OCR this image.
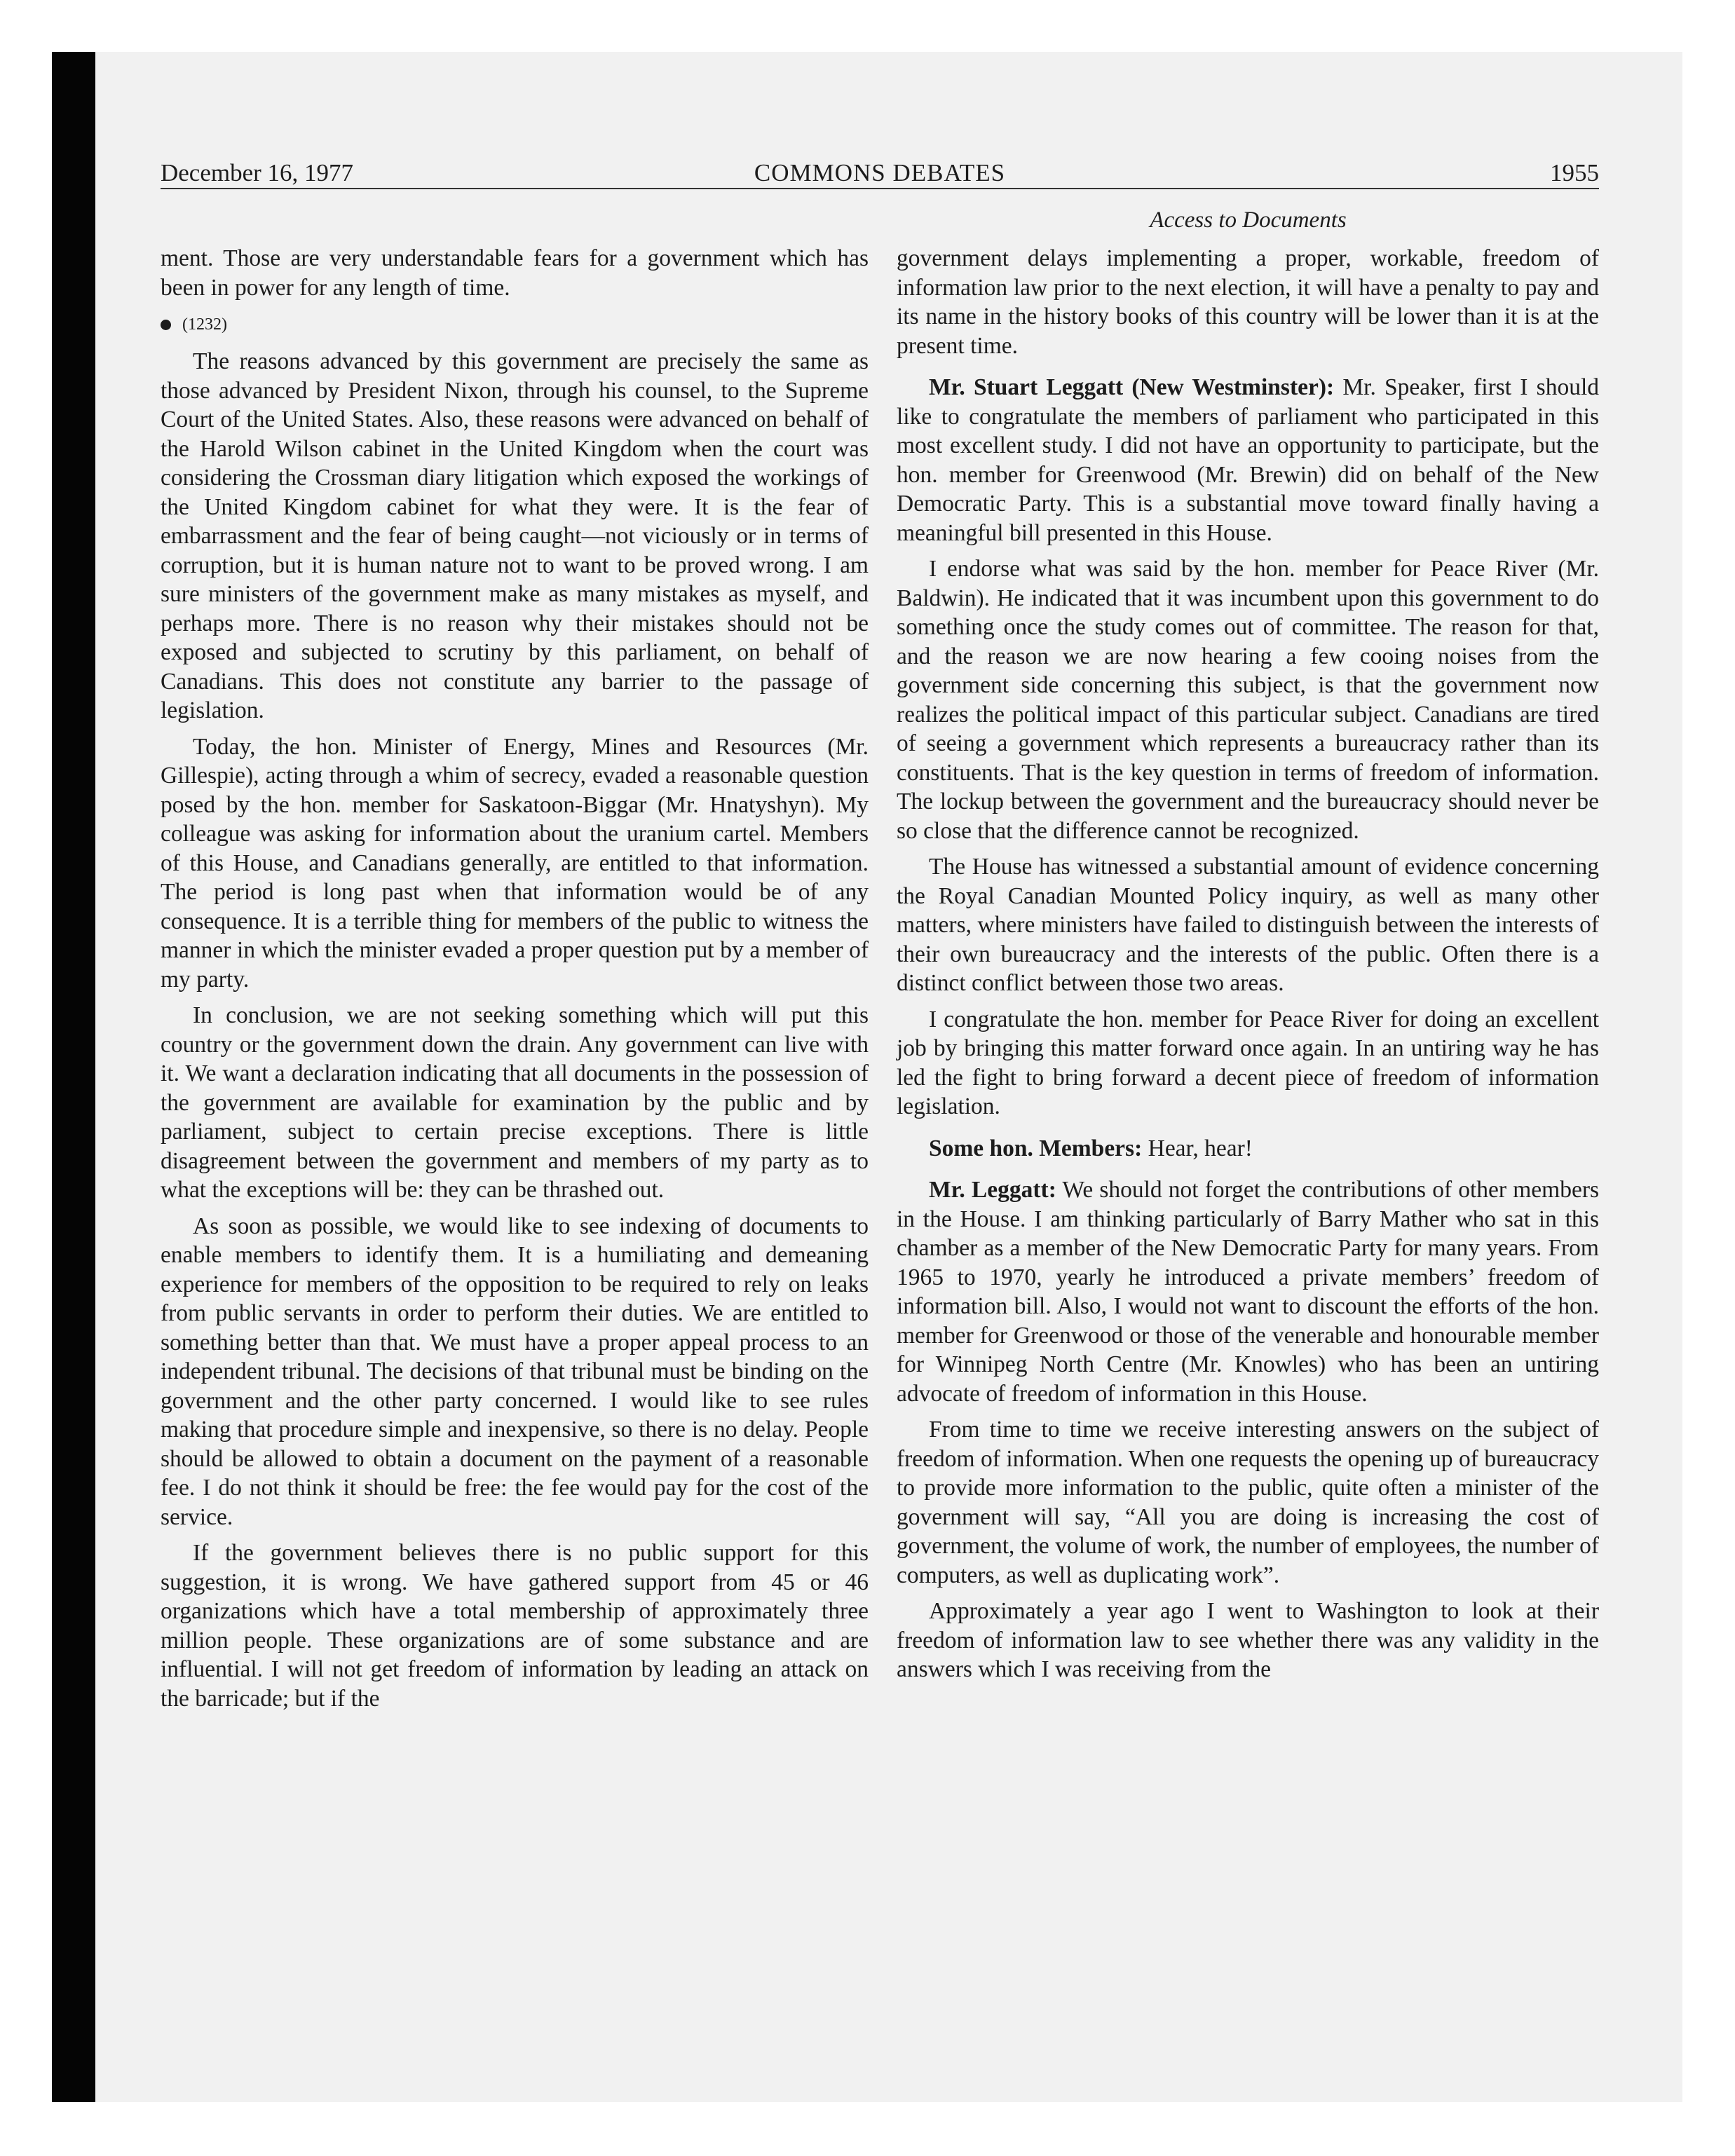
December 16, 1977	COMMONS DEBATES	1955
Access to Documents

ment. Those are very understandable fears for a government which has been in power for any length of time.

(1232)

The reasons advanced by this government are precisely the same as those advanced by President Nixon, through his counsel, to the Supreme Court of the United States. Also, these reasons were advanced on behalf of the Harold Wilson cabinet in the United Kingdom when the court was considering the Crossman diary litigation which exposed the workings of the United Kingdom cabinet for what they were. It is the fear of embarrassment and the fear of being caught—not viciously or in terms of corruption, but it is human nature not to want to be proved wrong. I am sure ministers of the government make as many mistakes as myself, and perhaps more. There is no reason why their mistakes should not be exposed and subjected to scrutiny by this parliament, on behalf of Canadians. This does not constitute any barrier to the passage of legislation.

Today, the hon. Minister of Energy, Mines and Resources (Mr. Gillespie), acting through a whim of secrecy, evaded a reasonable question posed by the hon. member for Saskatoon-Biggar (Mr. Hnatyshyn). My colleague was asking for information about the uranium cartel. Members of this House, and Canadians generally, are entitled to that information. The period is long past when that information would be of any consequence. It is a terrible thing for members of the public to witness the manner in which the minister evaded a proper question put by a member of my party.

In conclusion, we are not seeking something which will put this country or the government down the drain. Any government can live with it. We want a declaration indicating that all documents in the possession of the government are available for examination by the public and by parliament, subject to certain precise exceptions. There is little disagreement between the government and members of my party as to what the exceptions will be: they can be thrashed out.

As soon as possible, we would like to see indexing of documents to enable members to identify them. It is a humiliating and demeaning experience for members of the opposition to be required to rely on leaks from public servants in order to perform their duties. We are entitled to something better than that. We must have a proper appeal process to an independent tribunal. The decisions of that tribunal must be binding on the government and the other party concerned. I would like to see rules making that procedure simple and inexpensive, so there is no delay. People should be allowed to obtain a document on the payment of a reasonable fee. I do not think it should be free: the fee would pay for the cost of the service.

If the government believes there is no public support for this suggestion, it is wrong. We have gathered support from 45 or 46 organizations which have a total membership of approximately three million people. These organizations are of some substance and are influential. I will not get freedom of information by leading an attack on the barricade; but if the

government delays implementing a proper, workable, freedom of information law prior to the next election, it will have a penalty to pay and its name in the history books of this country will be lower than it is at the present time.

Mr. Stuart Leggatt (New Westminster): Mr. Speaker, first I should like to congratulate the members of parliament who participated in this most excellent study. I did not have an opportunity to participate, but the hon. member for Greenwood (Mr. Brewin) did on behalf of the New Democratic Party. This is a substantial move toward finally having a meaningful bill presented in this House.

I endorse what was said by the hon. member for Peace River (Mr. Baldwin). He indicated that it was incumbent upon this government to do something once the study comes out of committee. The reason for that, and the reason we are now hearing a few cooing noises from the government side concerning this subject, is that the government now realizes the political impact of this particular subject. Canadians are tired of seeing a government which represents a bureaucracy rather than its constituents. That is the key question in terms of freedom of information. The lockup between the government and the bureaucracy should never be so close that the difference cannot be recognized.

The House has witnessed a substantial amount of evidence concerning the Royal Canadian Mounted Policy inquiry, as well as many other matters, where ministers have failed to distinguish between the interests of their own bureaucracy and the interests of the public. Often there is a distinct conflict between those two areas.

I congratulate the hon. member for Peace River for doing an excellent job by bringing this matter forward once again. In an untiring way he has led the fight to bring forward a decent piece of freedom of information legislation.

Some hon. Members: Hear, hear!

Mr. Leggatt: We should not forget the contributions of other members in the House. I am thinking particularly of Barry Mather who sat in this chamber as a member of the New Democratic Party for many years. From 1965 to 1970, yearly he introduced a private members’ freedom of information bill. Also, I would not want to discount the efforts of the hon. member for Greenwood or those of the venerable and honourable member for Winnipeg North Centre (Mr. Knowles) who has been an untiring advocate of freedom of information in this House.

From time to time we receive interesting answers on the subject of freedom of information. When one requests the opening up of bureaucracy to provide more information to the public, quite often a minister of the government will say, “All you are doing is increasing the cost of government, the volume of work, the number of employees, the number of computers, as well as duplicating work”.

Approximately a year ago I went to Washington to look at their freedom of information law to see whether there was any validity in the answers which I was receiving from the
